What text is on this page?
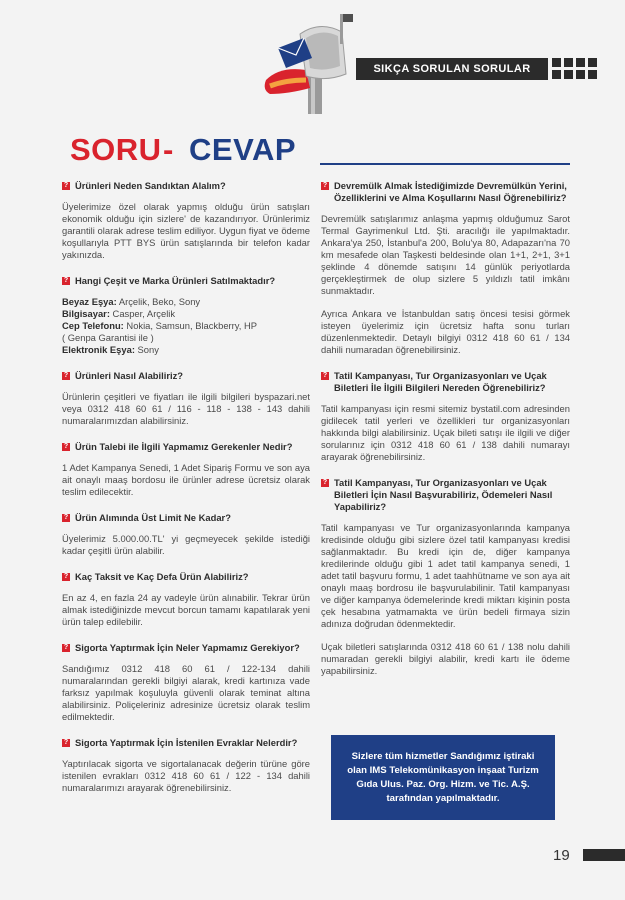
SIKÇA SORULAN SORULAR
SORU - CEVAP
? Ürünleri Neden Sandıktan Alalım?
Üyelerimize özel olarak yapmış olduğu ürün satışları ekonomik olduğu için sizlere' de kazandırıyor. Ürünlerimiz garantili olarak adrese teslim ediliyor. Uygun fiyat ve ödeme koşullarıyla PTT BYS ürün satışlarında bir telefon kadar yakınızda.
? Hangi Çeşit ve Marka Ürünleri Satılmaktadır?
Beyaz Eşya: Arçelik, Beko, Sony
Bilgisayar: Casper, Arçelik
Cep Telefonu: Nokia, Samsun, Blackberry, HP
( Genpa Garantisi ile )
Elektronik Eşya: Sony
? Ürünleri Nasıl Alabiliriz?
Ürünlerin çeşitleri ve fiyatları ile ilgili bilgileri byspazari.net veya 0312 418 60 61 / 116 - 118 - 138 - 143 dahili numaralarımızdan alabilirsiniz.
? Ürün Talebi ile İlgili Yapmamız Gerekenler Nedir?
1 Adet Kampanya Senedi, 1 Adet Sipariş Formu ve son aya ait onaylı maaş bordosu ile ürünler adrese ücretsiz olarak teslim edilecektir.
? Ürün Alımında Üst Limit Ne Kadar?
Üyelerimiz 5.000.00.TL' yi geçmeyecek şekilde istediği kadar çeşitli ürün alabilir.
? Kaç Taksit ve Kaç Defa Ürün Alabiliriz?
En az 4, en fazla 24 ay vadeyle ürün alınabilir. Tekrar ürün almak istediğinizde mevcut borcun tamamı kapatılarak yeni ürün talep edilebilir.
? Sigorta Yaptırmak İçin Neler Yapmamız Gerekiyor?
Sandığımız 0312 418 60 61 / 122-134 dahili numaralarından gerekli bilgiyi alarak, kredi kartınıza vade farksız yapılmak koşuluyla güvenli olarak teminat altına alabilirsiniz. Poliçeleriniz adresinize ücretsiz olarak teslim edilmektedir.
? Sigorta Yaptırmak İçin İstenilen Evraklar Nelerdir?
Yaptırılacak sigorta ve sigortalanacak değerin türüne göre istenilen evrakları 0312 418 60 61 / 122 - 134 dahili numaralarımızı arayarak öğrenebilirsiniz.
? Devremülk Almak İstediğimizde Devremülkün Yerini, Özelliklerini ve Alma Koşullarını Nasıl Öğrenebiliriz?
Devremülk satışlarımız anlaşma yapmış olduğumuz Sarot Termal Gayrimenkul Ltd. Şti. aracılığı ile yapılmaktadır. Ankara'ya 250, İstanbul'a 200, Bolu'ya 80, Adapazarı'na 70 km mesafede olan Taşkesti beldesinde olan 1+1, 2+1, 3+1 şeklinde 4 dönemde satışını 14 günlük periyotlarda gerçekleştirmek de olup sizlere 5 yıldızlı tatil imkânı sunmaktadır.
Ayrıca Ankara ve İstanbuldan satış öncesi tesisi görmek isteyen üyelerimiz için ücretsiz hafta sonu turları düzenlenmektedir. Detaylı bilgiyi 0312 418 60 61 / 134 dahili numaradan öğrenebilirsiniz.
? Tatil Kampanyası, Tur Organizasyonları ve Uçak Biletleri İle İlgili Bilgileri Nereden Öğrenebiliriz?
Tatil kampanyası için resmi sitemiz bystatil.com adresinden gidilecek tatil yerleri ve özellikleri tur organizasyonları hakkında bilgi alabilirsiniz. Uçak bileti satışı ile ilgili ve diğer sorularınız için 0312 418 60 61 / 138 dahili numarayı arayarak öğrenebilirsiniz.
? Tatil Kampanyası, Tur Organizasyonları ve Uçak Biletleri İçin Nasıl Başvurabiliriz, Ödemeleri Nasıl Yapabiliriz?
Tatil kampanyası ve Tur organizasyonlarında kampanya kredisinde olduğu gibi sizlere özel tatil kampanyası kredisi sağlanmaktadır. Bu kredi için de, diğer kampanya kredilerinde olduğu gibi 1 adet tatil kampanya senedi, 1 adet tatil başvuru formu, 1 adet taahhütname ve son aya ait onaylı maaş bordrosu ile başvurulabilinir. Tatil kampanyası ve diğer kampanya ödemelerinde kredi miktarı kişinin posta çek hesabına yatmamakta ve ürün bedeli firmaya sizin adınıza doğrudan ödenmektedir.
Uçak biletleri satışlarında 0312 418 60 61 / 138 nolu dahili numaradan gerekli bilgiyi alabilir, kredi kartı ile ödeme yapabilirsiniz.
Sizlere tüm hizmetler Sandığımız iştiraki olan IMS Telekomünikasyon inşaat Turizm Gıda Ulus. Paz. Org. Hizm. ve Tic. A.Ş. tarafından yapılmaktadır.
19
